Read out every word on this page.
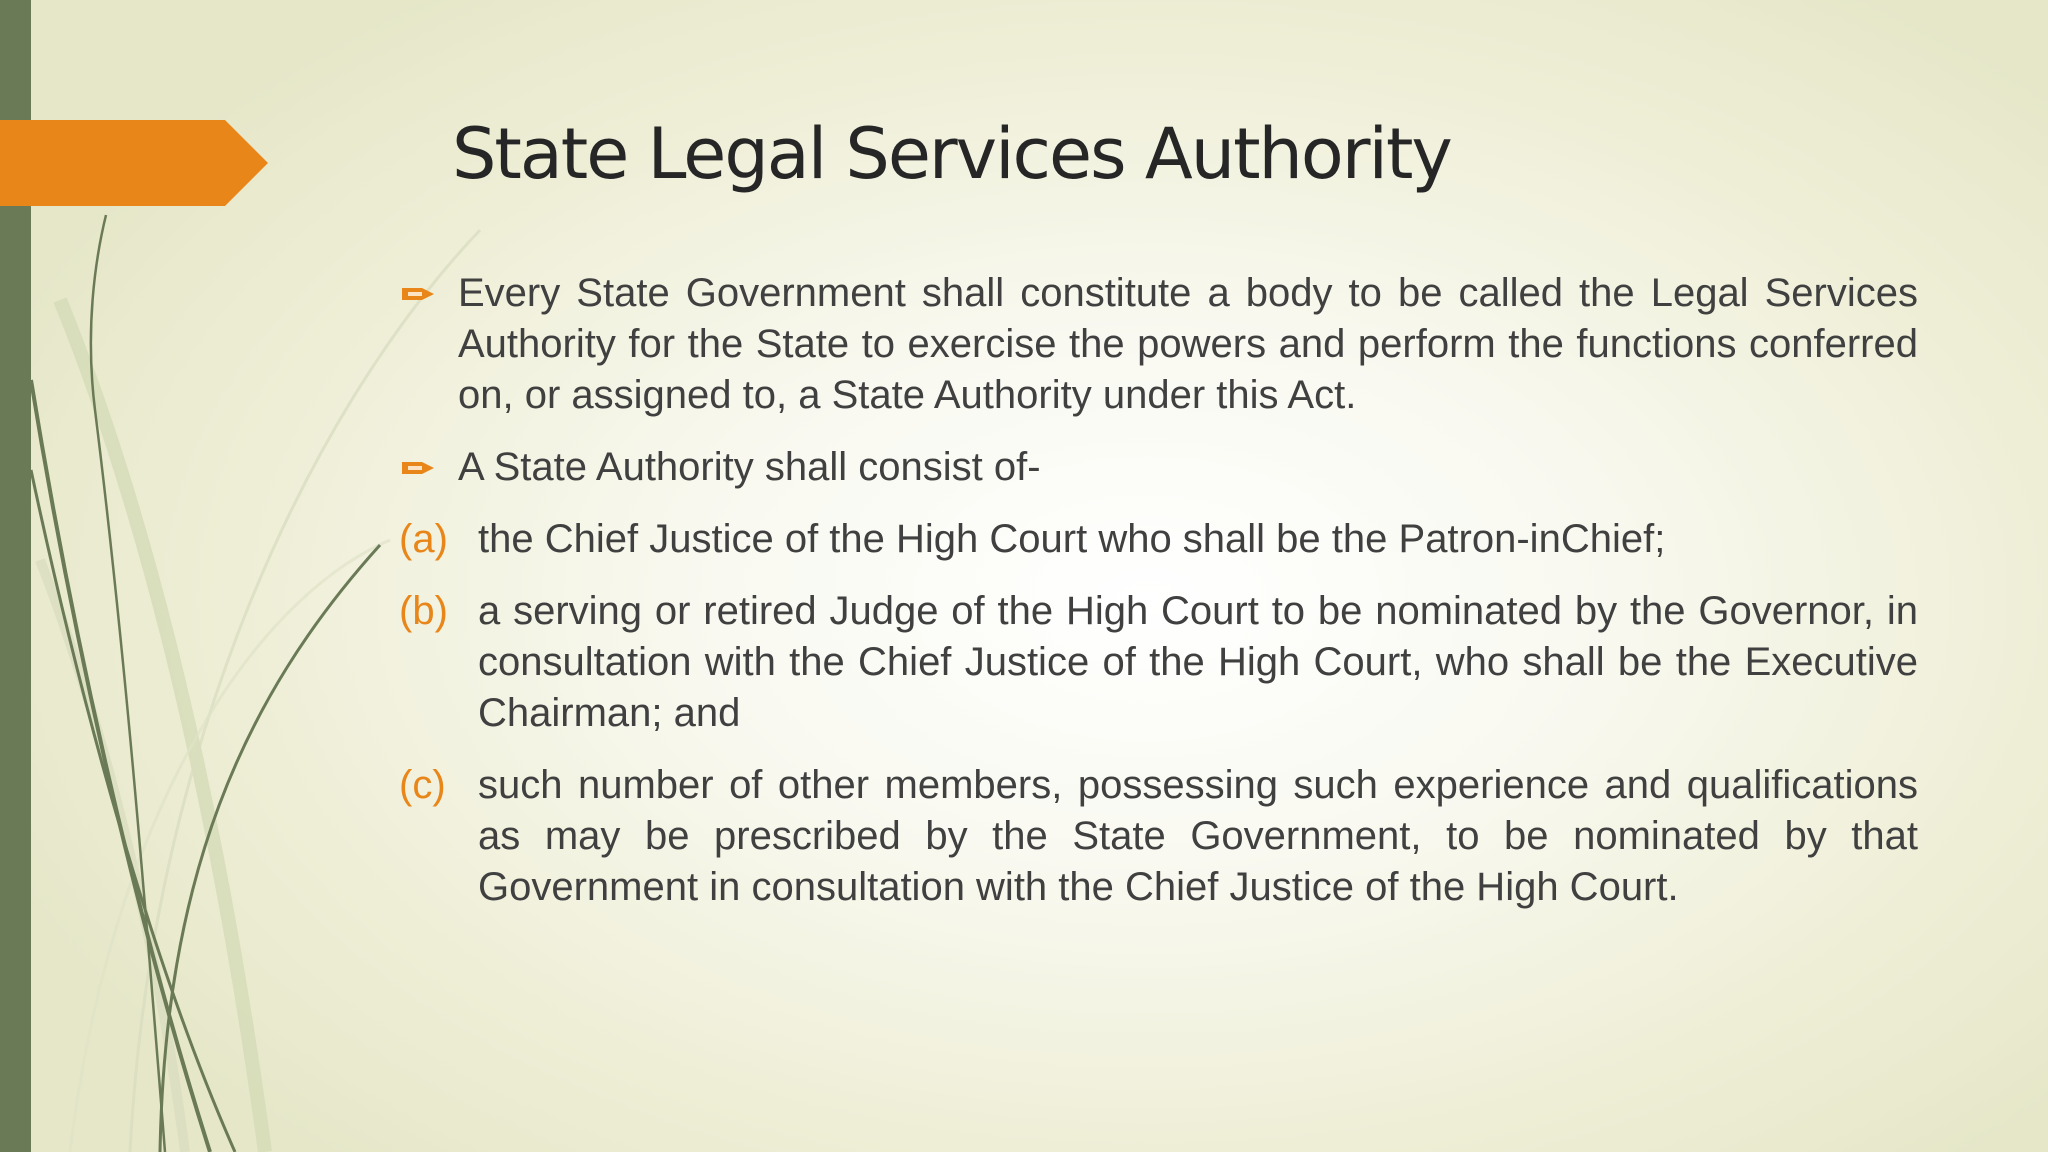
State Legal Services Authority
Every State Government shall constitute a body to be called the Legal Services Authority for the State to exercise the powers and perform the functions conferred on, or assigned to, a State Authority under this Act.
A State Authority shall consist of-
(a) the Chief Justice of the High Court who shall be the Patron-inChief;
(b) a serving or retired Judge of the High Court to be nominated by the Governor, in consultation with the Chief Justice of the High Court, who shall be the Executive Chairman; and
(c) such number of other members, possessing such experience and qualifications as may be prescribed by the State Government, to be nominated by that Government in consultation with the Chief Justice of the High Court.
